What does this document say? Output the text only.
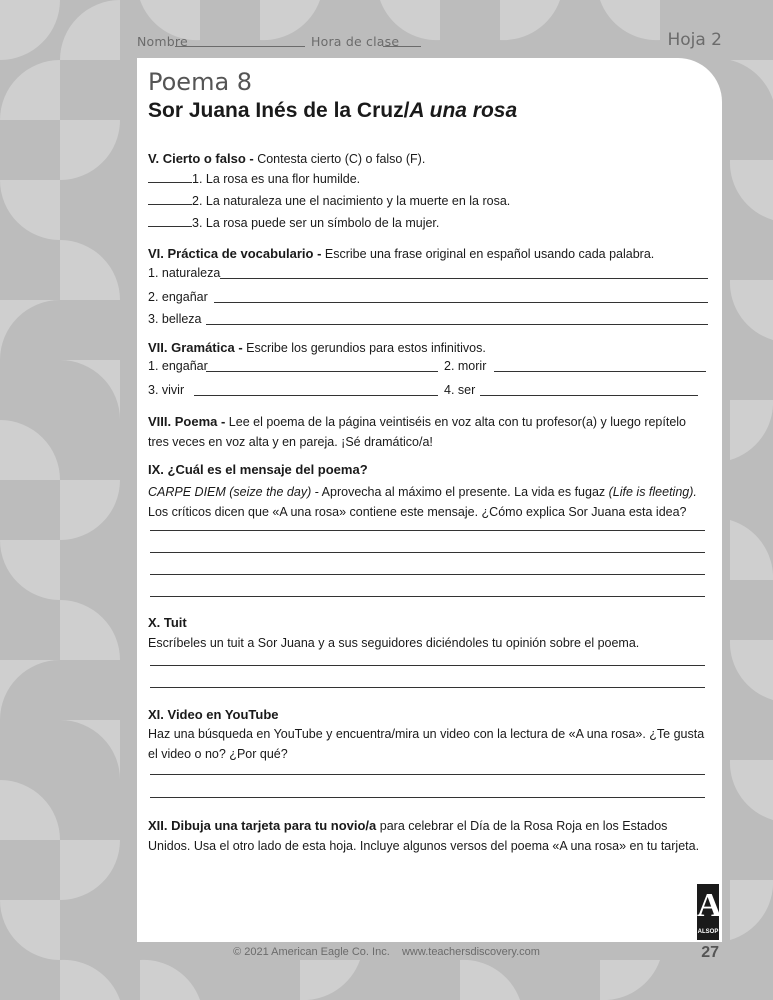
Nombre	Hora de clase	Hoja 2
Poema 8
Sor Juana Inés de la Cruz/A una rosa
V. Cierto o falso - Contesta cierto (C) o falso (F).
1. La rosa es una flor humilde.
2. La naturaleza une el nacimiento y la muerte en la rosa.
3. La rosa puede ser un símbolo de la mujer.
VI. Práctica de vocabulario - Escribe una frase original en español usando cada palabra.
1. naturaleza
2. engañar
3. belleza
VII. Gramática - Escribe los gerundios para estos infinitivos.
1. engañar	2. morir
3. vivir	4. ser

VIII. Poema - Lee el poema de la página veintiséis en voz alta con tu profesor(a) y luego repítelo tres veces en voz alta y en pareja. ¡Sé dramático/a!

IX. ¿Cuál es el mensaje del poema?

CARPE DIEM (seize the day) - Aprovecha al máximo el presente. La vida es fugaz (Life is fleeting).

Los críticos dicen que «A una rosa» contiene este mensaje. ¿Cómo explica Sor Juana esta idea?

X. Tuit

Escríbeles un tuit a Sor Juana y a sus seguidores diciéndoles tu opinión sobre el poema.

XI. Video en YouTube

Haz una búsqueda en YouTube y encuentra/mira un video con la lectura de «A una rosa». ¿Te gusta el video o no? ¿Por qué?

XII. Dibuja una tarjeta para tu novio/a para celebrar el Día de la Rosa Roja en los Estados Unidos. Usa el otro lado de esta hoja. Incluye algunos versos del poema «A una rosa» en tu tarjeta.

A
ALSOP
© 2021 American Eagle Co. Inc.    www.teachersdiscovery.com	27
